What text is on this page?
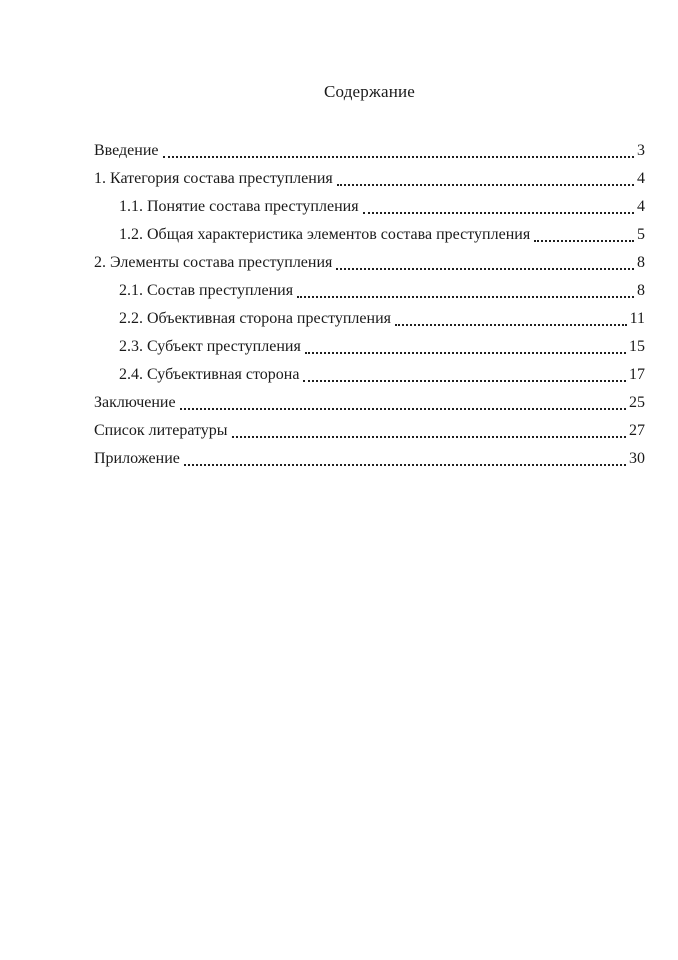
Содержание
Введение	3
1. Категория состава преступления	4
1.1. Понятие состава преступления	4
1.2. Общая характеристика элементов состава преступления	5
2. Элементы состава преступления	8
2.1. Состав преступления	8
2.2. Объективная сторона преступления	11
2.3. Субъект преступления	15
2.4. Субъективная сторона	17
Заключение	25
Список литературы	27
Приложение	30
